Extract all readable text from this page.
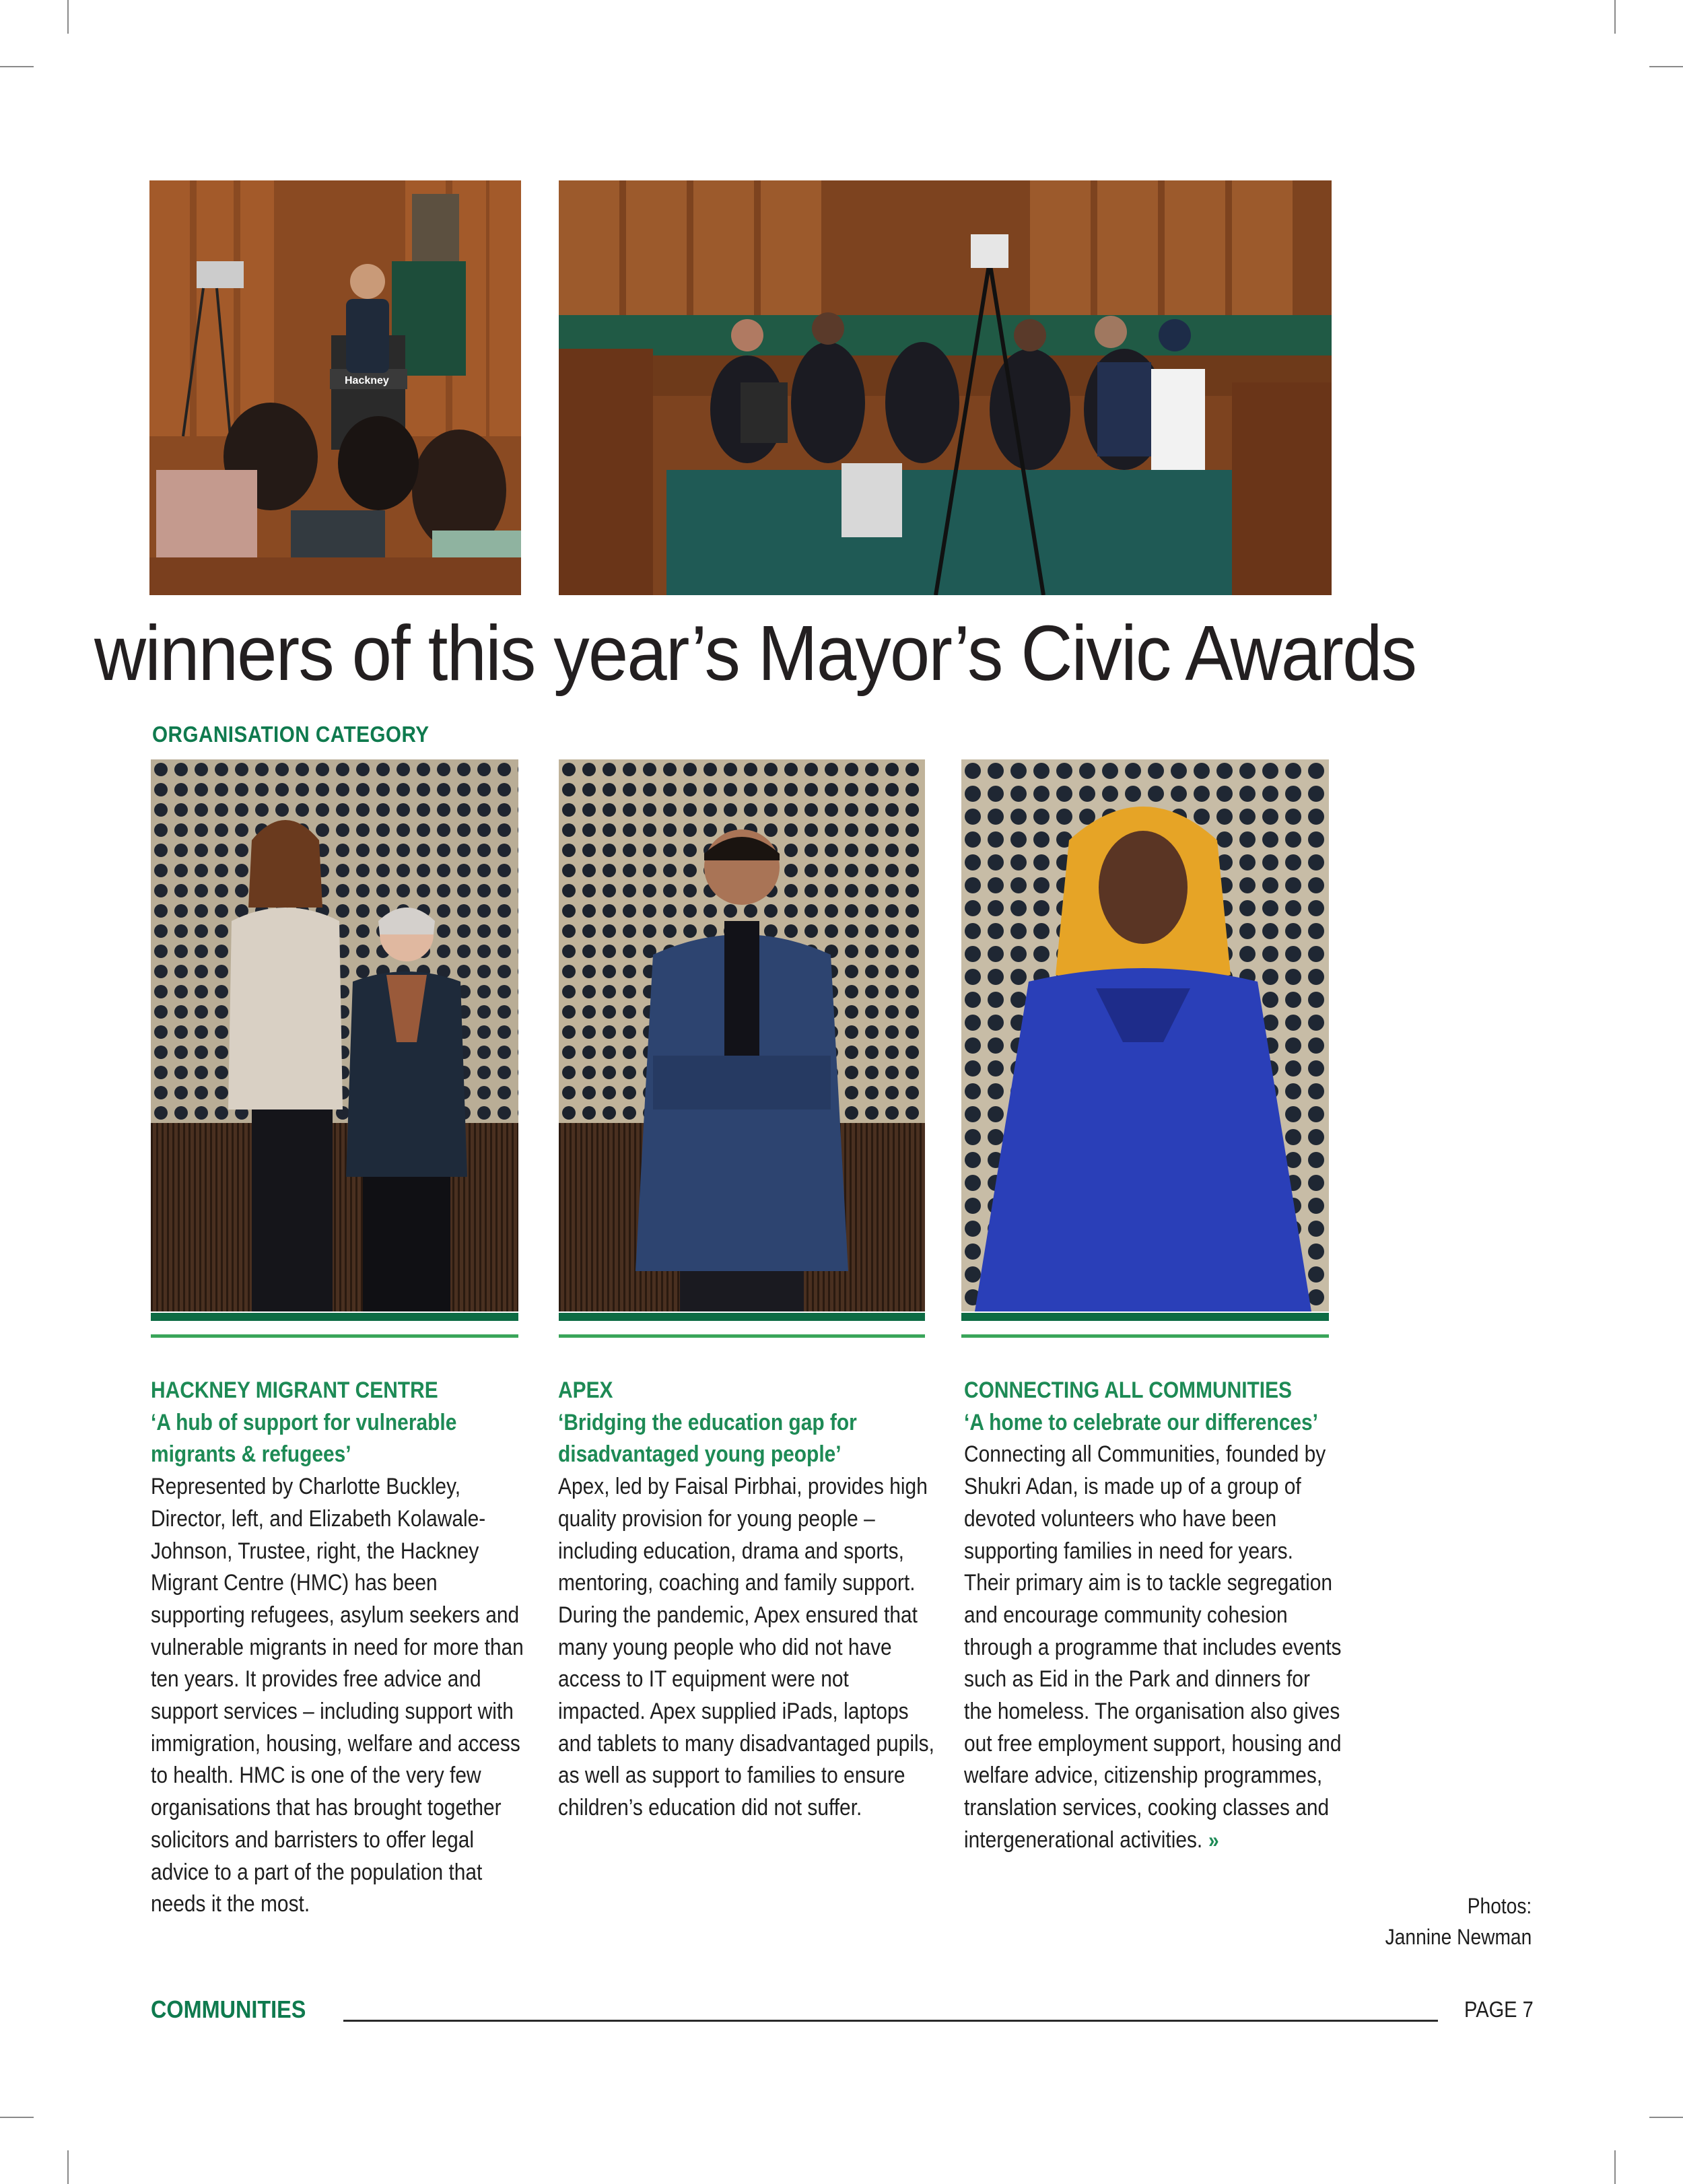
Hackney
winners of this year’s Mayor’s Civic Awards
ORGANISATION CATEGORY
HACKNEY MIGRANT CENTRE
‘A hub of support for vulnerable migrants & refugees’
Represented by Charlotte Buckley, Director, left, and Elizabeth Kolawale-Johnson, Trustee, right, the Hackney Migrant Centre (HMC) has been supporting refugees, asylum seekers and vulnerable migrants in need for more than ten years. It provides free advice and support services – including support with immigration, housing, welfare and access to health. HMC is one of the very few organisations that has brought together solicitors and barristers to offer legal advice to a part of the population that needs it the most.
APEX
‘Bridging the education gap for disadvantaged young people’
Apex, led by Faisal Pirbhai, provides high quality provision for young people – including education, drama and sports, mentoring, coaching and family support. During the pandemic, Apex ensured that many young people who did not have access to IT equipment were not impacted. Apex supplied iPads, laptops and tablets to many disadvantaged pupils, as well as support to families to ensure children’s education did not suffer.
CONNECTING ALL COMMUNITIES
‘A home to celebrate our differences’
Connecting all Communities, founded by Shukri Adan, is made up of a group of devoted volunteers who have been supporting families in need for years. Their primary aim is to tackle segregation and encourage community cohesion through a programme that includes events such as Eid in the Park and dinners for the homeless. The organisation also gives out free employment support, housing and welfare advice, citizenship programmes, translation services, cooking classes and intergenerational activities. »
Photos:
Jannine Newman
COMMUNITIES	PAGE 7
